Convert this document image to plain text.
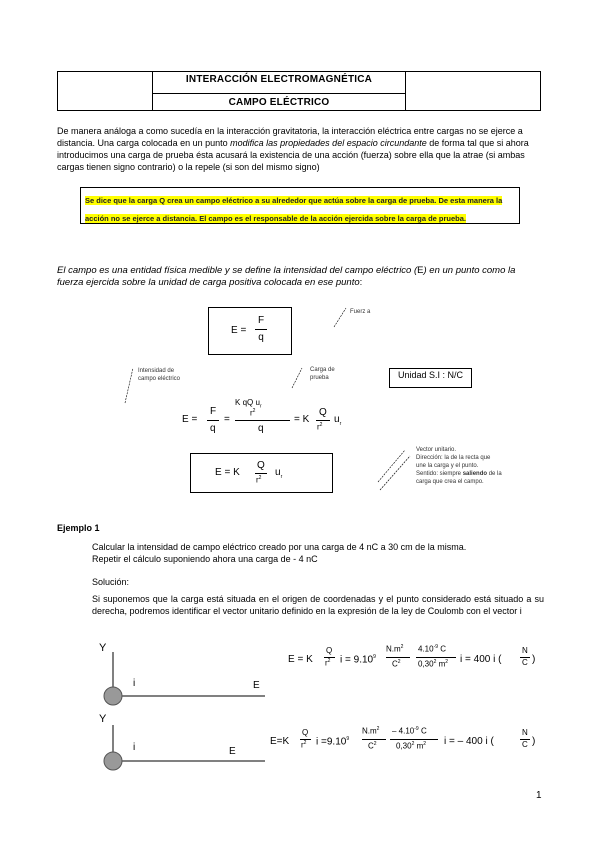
INTERACCIÓN ELECTROMAGNÉTICA
CAMPO ELÉCTRICO
De manera análoga a como sucedía en la interacción gravitatoria, la interacción eléctrica entre cargas no se ejerce a distancia. Una carga colocada en un punto modifica las propiedades del espacio circundante de forma tal que si ahora introducimos una carga de prueba ésta acusará la existencia de una acción (fuerza) sobre ella que la atrae (si ambas cargas tienen signo contrario) o la repele (si son del mismo signo)
Se dice que la carga Q crea un campo eléctrico a su alrededor que actúa sobre la carga de prueba. De esta manera la acción no se ejerce a distancia. El campo es el responsable de la acción ejercida sobre la carga de prueba.
El campo es una entidad física medible y se define la intensidad del campo eléctrico (E) en un punto como la fuerza ejercida sobre la unidad de carga positiva colocada en ese punto:
Fuerz a
E =
F
q
Intensidad de campo eléctrico
Carga de prueba	Unidad S.I : N/C
E =
F
q
=
K qQ $u_r$
$r^2$
q
= K
Q
$r^2$ $u_r$
E = K
Q
$r^2$ $u_r$
Vector unitario.
Dirección: la de la recta que une la carga y el punto.
Sentido: siempre saliendo de la carga que crea el campo.
Ejemplo 1
Calcular la intensidad de campo eléctrico creado por una carga de 4 nC a 30 cm de la misma.
Repetir el cálculo suponiendo ahora una carga de - 4 nC
Solución:
Si suponemos que la carga está situada en el origen de coordenadas y el punto considerado está situado a su derecha, podremos identificar el vector unitario definido en la expresión de la ley de Coulomb con el vector i
Y
i	E
Y
i	E
E = K
Q
$r^2$ $i = 9.10^9$
$N.m^2$
$C^2$
$4.10^{-9}$ C
0,30$^2$ $m^2$ i = 400 i (
N
C )
E=K
Q
$r^2$ $i =9.10^9$
$N.m^2$
$C^2$
– $4.10^{-9}$ C
0,30$^2$ $m^2$ i = – 400 i (
N
C )
1
